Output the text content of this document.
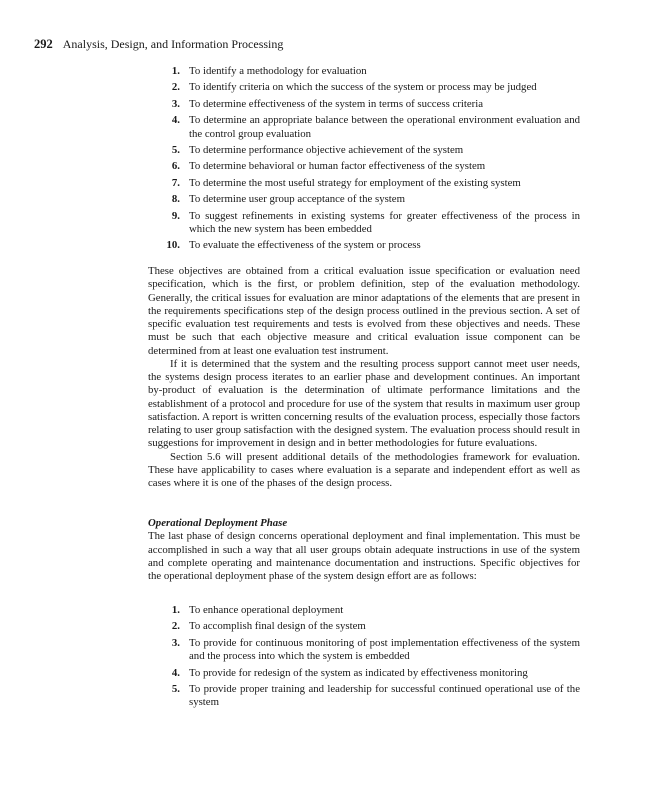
292 Analysis, Design, and Information Processing
1. To identify a methodology for evaluation
2. To identify criteria on which the success of the system or process may be judged
3. To determine effectiveness of the system in terms of success criteria
4. To determine an appropriate balance between the operational environment evaluation and the control group evaluation
5. To determine performance objective achievement of the system
6. To determine behavioral or human factor effectiveness of the system
7. To determine the most useful strategy for employment of the existing system
8. To determine user group acceptance of the system
9. To suggest refinements in existing systems for greater effectiveness of the process in which the new system has been embedded
10. To evaluate the effectiveness of the system or process

These objectives are obtained from a critical evaluation issue specification or evaluation need specification, which is the first, or problem definition, step of the evaluation methodology. Generally, the critical issues for evaluation are minor adaptations of the elements that are present in the requirements specifications step of the design process outlined in the previous section. A set of specific evaluation test requirements and tests is evolved from these objectives and needs. These must be such that each objective measure and critical evaluation issue component can be determined from at least one evaluation test instrument.

If it is determined that the system and the resulting process support cannot meet user needs, the systems design process iterates to an earlier phase and development continues. An important by-product of evaluation is the determination of ultimate performance limitations and the establishment of a protocol and procedure for use of the system that results in maximum user group satisfaction. A report is written concerning results of the evaluation process, especially those factors relating to user group satisfaction with the designed system. The evaluation process should result in suggestions for improvement in design and in better methodologies for future evaluations.

Section 5.6 will present additional details of the methodologies framework for evaluation. These have applicability to cases where evaluation is a separate and independent effort as well as cases where it is one of the phases of the design process.

Operational Deployment Phase

The last phase of design concerns operational deployment and final implementation. This must be accomplished in such a way that all user groups obtain adequate instructions in use of the system and complete operating and maintenance documentation and instructions. Specific objectives for the operational deployment phase of the system design effort are as follows:

1. To enhance operational deployment
2. To accomplish final design of the system
3. To provide for continuous monitoring of post implementation effectiveness of the system and the process into which the system is embedded
4. To provide for redesign of the system as indicated by effectiveness monitoring
5. To provide proper training and leadership for successful continued operational use of the system
